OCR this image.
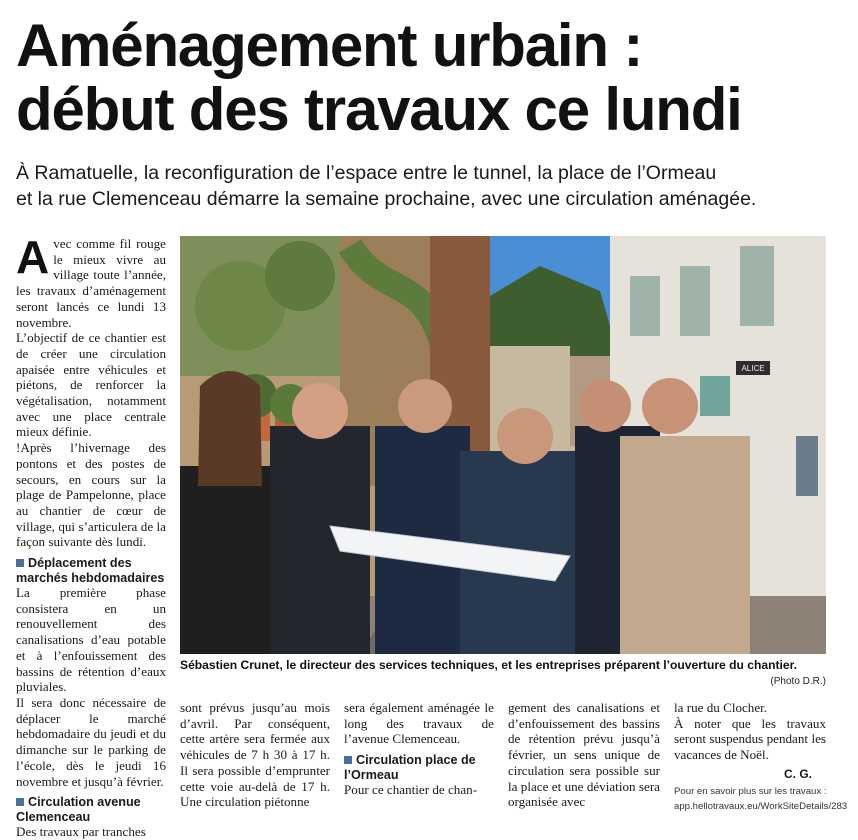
Aménagement urbain :
début des travaux ce lundi
À Ramatuelle, la reconfiguration de l’espace entre le tunnel, la place de l’Ormeau
et la rue Clemenceau démarre la semaine prochaine, avec une circulation aménagée.

Avec comme fil rouge le mieux vivre au village toute l’année, les travaux d’aménagement seront lancés ce lundi 13 novembre.

L’objectif de ce chantier est de créer une circulation apaisée entre véhicules et piétons, de renforcer la végétalisation, notamment avec une place centrale mieux définie.

!Après l’hivernage des pontons et des postes de secours, en cours sur la plage de Pampelonne, place au chantier de cœur de village, qui s’articulera de la façon suivante dès lundi.

Déplacement des marchés hebdomadaires

La première phase consistera en un renouvellement des canalisations d’eau potable et à l’enfouissement des bassins de rétention d’eaux pluviales.

Il sera donc nécessaire de déplacer le marché hebdomadaire du jeudi et du dimanche sur le parking de l’école, dès le jeudi 16 novembre et jusqu’à février.

Circulation avenue Clemenceau

Des travaux par tranches

ALICE
Sébastien Crunet, le directeur des services techniques, et les entreprises préparent l’ouverture du chantier.
(Photo D.R.)

sont prévus jusqu’au mois d’avril. Par conséquent, cette artère sera fermée aux véhicules de 7 h 30 à 17 h. Il sera possible d’emprunter cette voie au-delà de 17 h. Une circulation piétonne

sera également aménagée le long des travaux de l’avenue Clemenceau.

Circulation place de l’Ormeau

Pour ce chantier de chan-

gement des canalisations et d’enfouissement des bassins de rétention prévu jusqu’à février, un sens unique de circulation sera possible sur la place et une déviation sera organisée avec

la rue du Clocher.

À noter que les travaux seront suspendus pendant les vacances de Noël.

C. G.
Pour en savoir plus sur les travaux :
app.hellotravaux.eu/WorkSiteDetails/283
